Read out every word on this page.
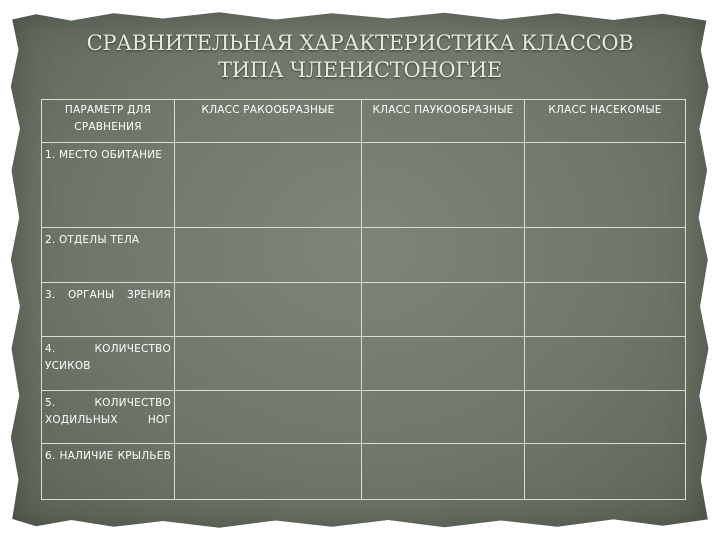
СРАВНИТЕЛЬНАЯ ХАРАКТЕРИСТИКА КЛАССОВ
ТИПА ЧЛЕНИСТОНОГИЕ
ПАРАМЕТР ДЛЯ СРАВНЕНИЯ	КЛАСС РАКООБРАЗНЫЕ	КЛАСС ПАУКООБРАЗНЫЕ	КЛАСС НАСЕКОМЫЕ
1. МЕСТО ОБИТАНИЕ			
2. ОТДЕЛЫ ТЕЛА			
3. ОРГАНЫ ЗРЕНИЯ			
4. КОЛИЧЕСТВО УСИКОВ			
5. КОЛИЧЕСТВО ХОДИЛЬНЫХ НОГ			
6. НАЛИЧИЕ КРЫЛЬЕВ			
